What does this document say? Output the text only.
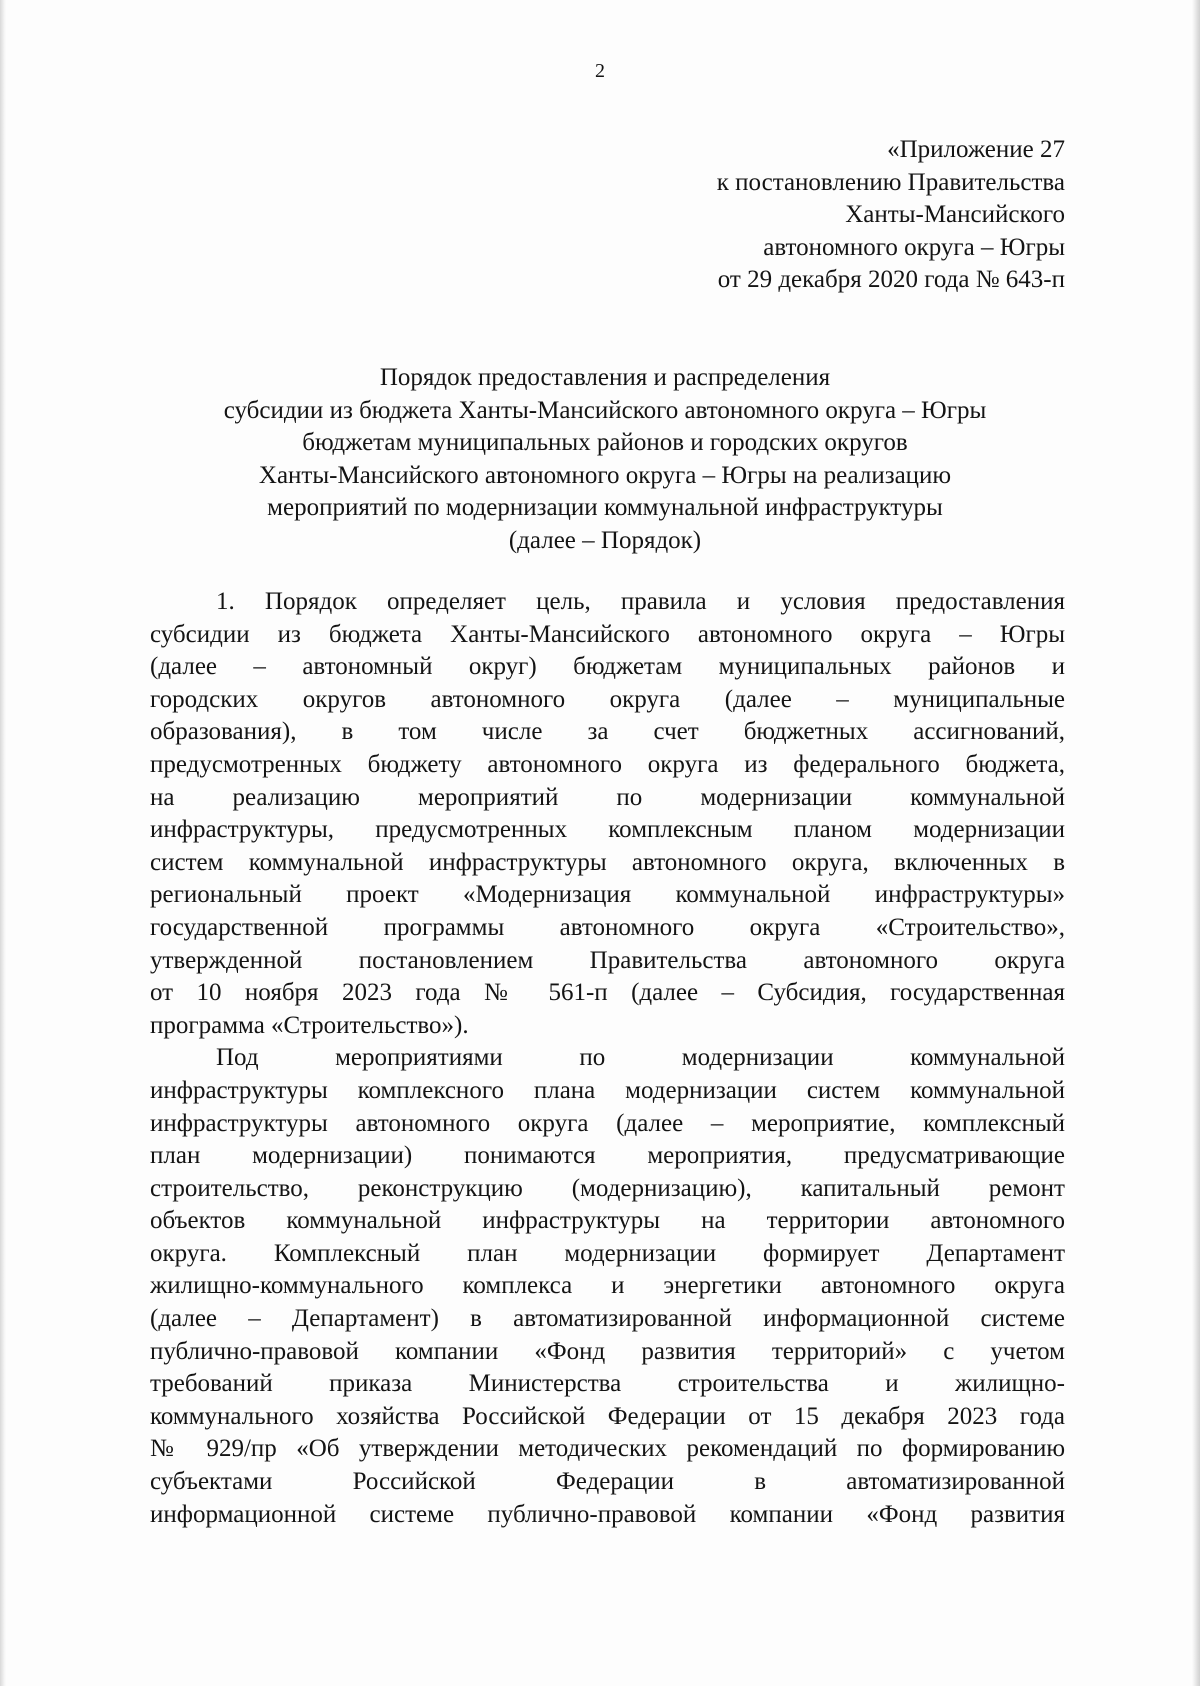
2
«Приложение 27
к постановлению Правительства
Ханты-Мансийского
автономного округа – Югры
от 29 декабря 2020 года № 643-п
Порядок предоставления и распределения
субсидии из бюджета Ханты-Мансийского автономного округа – Югры
бюджетам муниципальных районов и городских округов
Ханты-Мансийского автономного округа – Югры на реализацию
мероприятий по модернизации коммунальной инфраструктуры
(далее – Порядок)
1. Порядок определяет цель, правила и условия предоставления
субсидии из бюджета Ханты-Мансийского автономного округа – Югры
(далее – автономный округ) бюджетам муниципальных районов и
городских округов автономного округа (далее – муниципальные
образования), в том числе за счет бюджетных ассигнований,
предусмотренных бюджету автономного округа из федерального бюджета,
на реализацию мероприятий по модернизации коммунальной
инфраструктуры, предусмотренных комплексным планом модернизации
систем коммунальной инфраструктуры автономного округа, включенных в
региональный проект «Модернизация коммунальной инфраструктуры»
государственной программы автономного округа «Строительство»,
утвержденной постановлением Правительства автономного округа
от 10 ноября 2023 года № 561-п (далее – Субсидия, государственная
программа «Строительство»).
Под мероприятиями по модернизации коммунальной
инфраструктуры комплексного плана модернизации систем коммунальной
инфраструктуры автономного округа (далее – мероприятие, комплексный
план модернизации) понимаются мероприятия, предусматривающие
строительство, реконструкцию (модернизацию), капитальный ремонт
объектов коммунальной инфраструктуры на территории автономного
округа. Комплексный план модернизации формирует Департамент
жилищно-коммунального комплекса и энергетики автономного округа
(далее – Департамент) в автоматизированной информационной системе
публично-правовой компании «Фонд развития территорий» с учетом
требований приказа Министерства строительства и жилищно-
коммунального хозяйства Российской Федерации от 15 декабря 2023 года
№ 929/пр «Об утверждении методических рекомендаций по формированию
субъектами Российской Федерации в автоматизированной
информационной системе публично-правовой компании «Фонд развития
